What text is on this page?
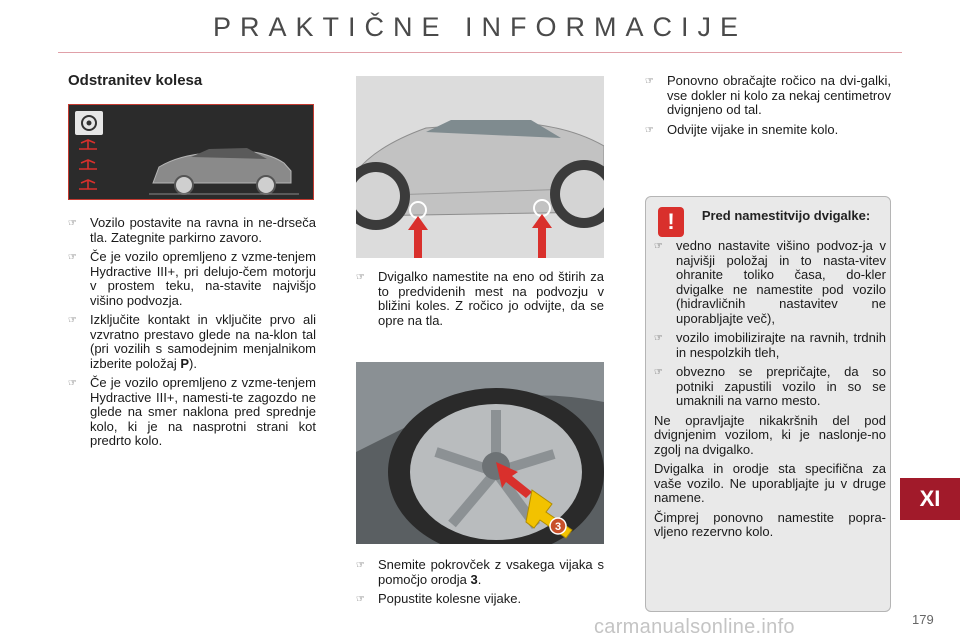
PRAKTIČNE INFORMACIJE
Odstranitev kolesa
☞	Vozilo postavite na ravna in ne-drseča tla. Zategnite parkirno zavoro.
☞	Če je vozilo opremljeno z vzme-tenjem Hydractive III+, pri delujo-čem motorju v prostem teku, na-stavite najvišjo višino podvozja.
☞	Izključite kontakt in vključite prvo ali vzvratno prestavo glede na na-klon tal (pri vozilih s samodejnim menjalnikom izberite položaj P).
☞	Če je vozilo opremljeno z vzme-tenjem Hydractive III+, namesti-te zagozdo ne glede na smer naklona pred sprednje kolo, ki je na nasprotni strani kot predrto kolo.
☞	Dvigalko namestite na eno od štirih za to predvidenih mest na podvozju v bližini koles. Z ročico jo odvijte, da se opre na tla.
3
☞	Snemite pokrovček z vsakega vijaka s pomočjo orodja 3.
☞	Popustite kolesne vijake.
☞	Ponovno obračajte ročico na dvi-galki, vse dokler ni kolo za nekaj centimetrov dvignjeno od tal.
☞	Odvijte vijake in snemite kolo.
!	Pred namestitvijo dvigalke:
☞	vedno nastavite višino podvoz-ja v najvišji položaj in to nasta-vitev ohranite toliko časa, do-kler dvigalke ne namestite pod vozilo (hidravličnih nastavitev ne uporabljajte več),
☞	vozilo imobilizirajte na ravnih, trdnih in nespolzkih tleh,
☞	obvezno se prepričajte, da so potniki zapustili vozilo in so se umaknili na varno mesto.
Ne opravljajte nikakršnih del pod dvignjenim vozilom, ki je naslonje-no zgolj na dvigalko.
Dvigalka in orodje sta specifična za vaše vozilo. Ne uporabljajte ju v druge namene.
Čimprej ponovno namestite popra-vljeno rezervno kolo.
XI
179
carmanualsonline.info
